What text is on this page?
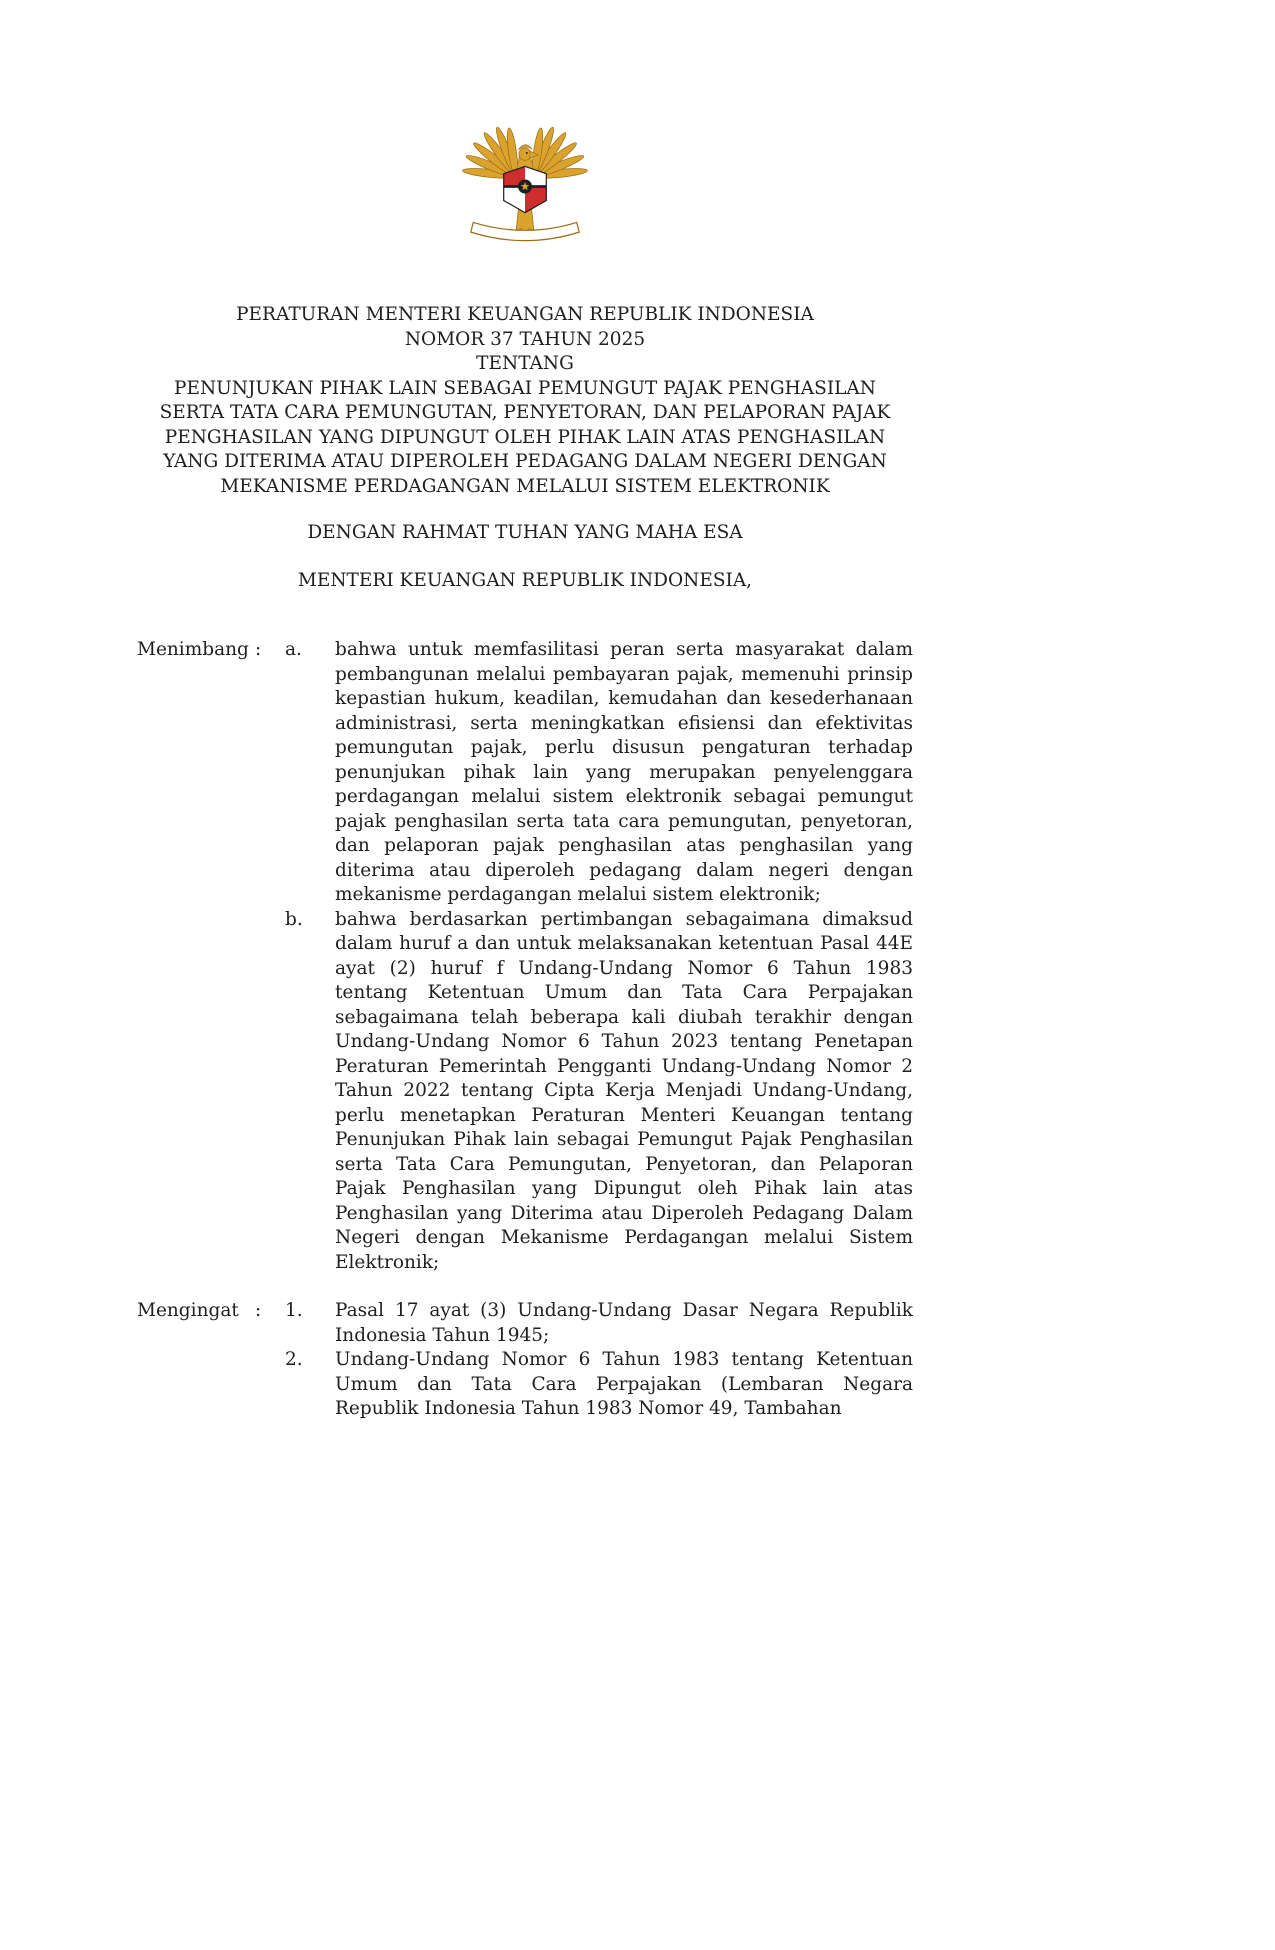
PERATURAN MENTERI KEUANGAN REPUBLIK INDONESIA
NOMOR 37 TAHUN 2025
TENTANG
PENUNJUKAN PIHAK LAIN SEBAGAI PEMUNGUT PAJAK PENGHASILAN
SERTA TATA CARA PEMUNGUTAN, PENYETORAN, DAN PELAPORAN PAJAK
PENGHASILAN YANG DIPUNGUT OLEH PIHAK LAIN ATAS PENGHASILAN
YANG DITERIMA ATAU DIPEROLEH PEDAGANG DALAM NEGERI DENGAN
MEKANISME PERDAGANGAN MELALUI SISTEM ELEKTRONIK
DENGAN RAHMAT TUHAN YANG MAHA ESA
MENTERI KEUANGAN REPUBLIK INDONESIA,
Menimbang :	a.	bahwa untuk memfasilitasi peran serta masyarakat dalam pembangunan melalui pembayaran pajak, memenuhi prinsip kepastian hukum, keadilan, kemudahan dan kesederhanaan administrasi, serta meningkatkan efisiensi dan efektivitas pemungutan pajak, perlu disusun pengaturan terhadap penunjukan pihak lain yang merupakan penyelenggara perdagangan melalui sistem elektronik sebagai pemungut pajak penghasilan serta tata cara pemungutan, penyetoran, dan pelaporan pajak penghasilan atas penghasilan yang diterima atau diperoleh pedagang dalam negeri dengan mekanisme perdagangan melalui sistem elektronik;
b.	bahwa berdasarkan pertimbangan sebagaimana dimaksud dalam huruf a dan untuk melaksanakan ketentuan Pasal 44E ayat (2) huruf f Undang-Undang Nomor 6 Tahun 1983 tentang Ketentuan Umum dan Tata Cara Perpajakan sebagaimana telah beberapa kali diubah terakhir dengan Undang-Undang Nomor 6 Tahun 2023 tentang Penetapan Peraturan Pemerintah Pengganti Undang-Undang Nomor 2 Tahun 2022 tentang Cipta Kerja Menjadi Undang-Undang, perlu menetapkan Peraturan Menteri Keuangan tentang Penunjukan Pihak lain sebagai Pemungut Pajak Penghasilan serta Tata Cara Pemungutan, Penyetoran, dan Pelaporan Pajak Penghasilan yang Dipungut oleh Pihak lain atas Penghasilan yang Diterima atau Diperoleh Pedagang Dalam Negeri dengan Mekanisme Perdagangan melalui Sistem Elektronik;
Mengingat :	1.	Pasal 17 ayat (3) Undang-Undang Dasar Negara Republik Indonesia Tahun 1945;
2.	Undang-Undang Nomor 6 Tahun 1983 tentang Ketentuan Umum dan Tata Cara Perpajakan (Lembaran Negara Republik Indonesia Tahun 1983 Nomor 49, Tambahan
